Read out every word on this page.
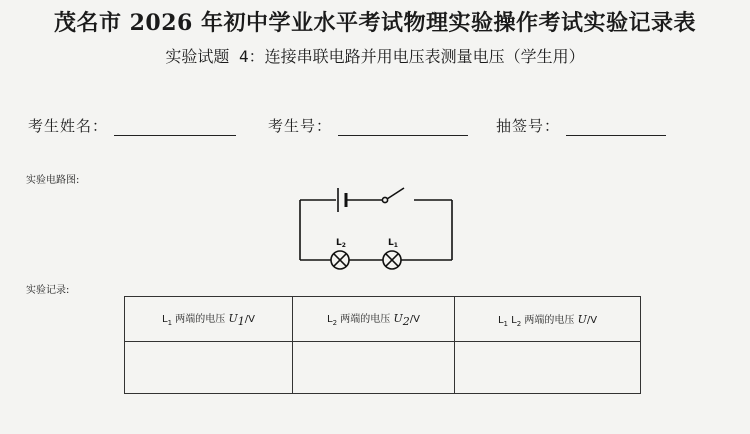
茂名市 2026 年初中学业水平考试物理实验操作考试实验记录表
实验试题 4：连接串联电路并用电压表测量电压（学生用）
考生姓名：	考生号：	抽签号：
实验电路图:
$L_2$	$L_1$
实验记录:
$L_1$ 两端的电压 U1/V	$L_2$ 两端的电压 U2/V	$L_1$ $L_2$ 两端的电压 U/V
